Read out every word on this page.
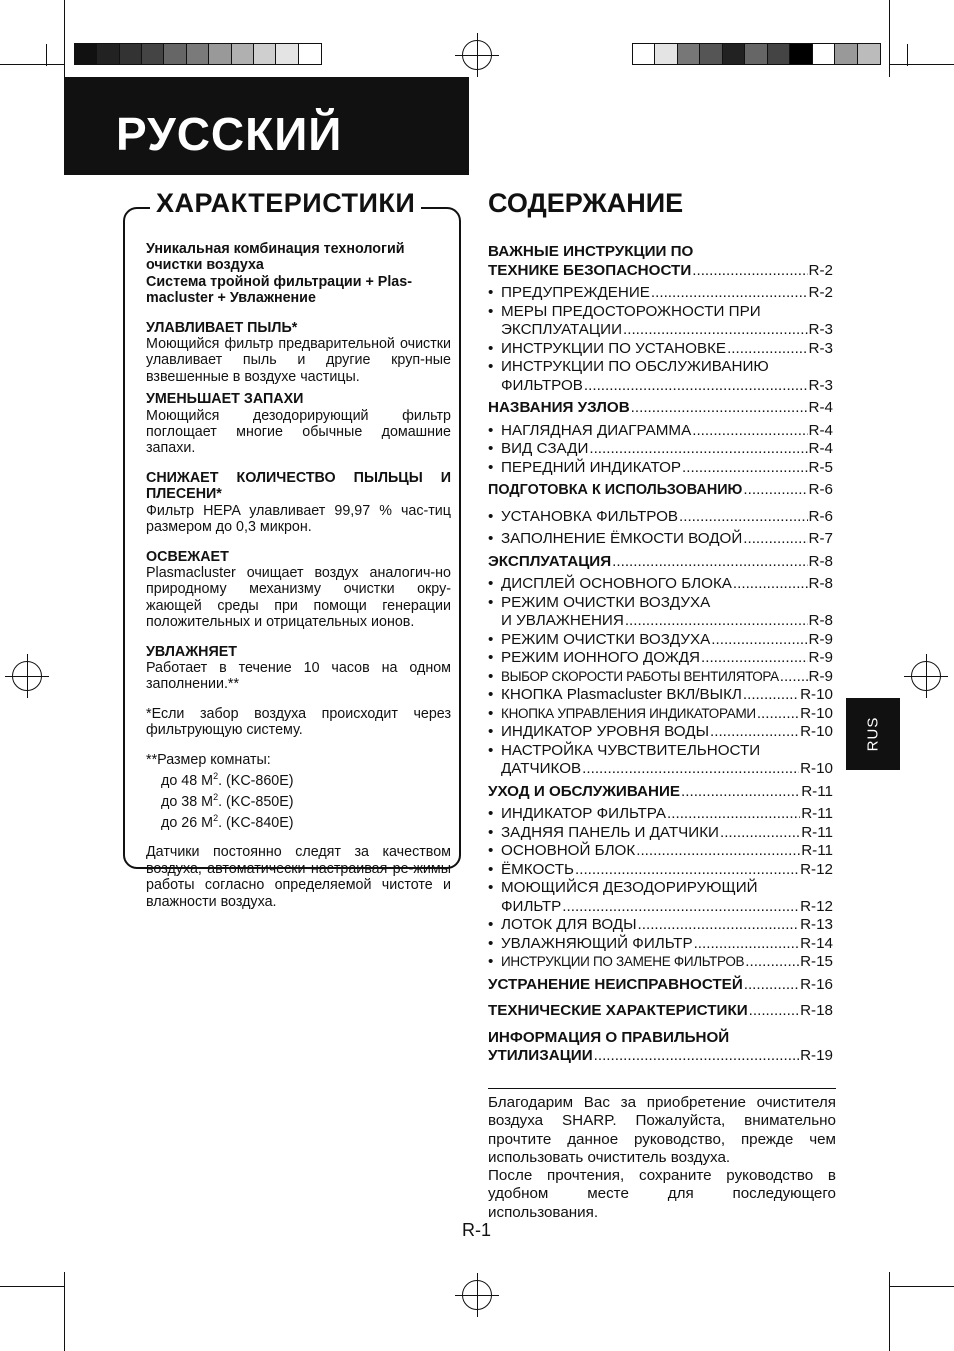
РУССКИЙ
ХАРАКТЕРИСТИКИ

Уникальная комбинация технологий

очистки воздуха

Система тройной фильтрации + Plas-

macluster + Увлажнение

УЛАВЛИВАЕТ ПЫЛЬ*

Моющийся фильтр предварительной очистки улавливает пыль и другие круп-ные взвешенные в воздухе частицы.

УМЕНЬШАЕТ ЗАПАХИ

Моющийся дезодорирующий фильтр поглощает многие обычные домашние запахи.

СНИЖАЕТ КОЛИЧЕСТВО ПЫЛЬЦЫ И ПЛЕСЕНИ*

Фильтр HEPA улавливает 99,97 % час-тиц размером до 0,3 микрон.

ОСВЕЖАЕТ

Plasmacluster очищает воздух аналогич-но природному механизму очистки окру-жающей среды при помощи генерации положительных и отрицательных ионов.

УВЛАЖНЯЕТ

Работает в течение 10 часов на одном заполнении.**

*Если забор воздуха происходит через фильтрующую систему.

**Размер комнаты:

до 48 $М^2$. (KC-860E)

до 38 $М^2$. (KC-850E)

до 26 $М^2$. (KC-840E)

Датчики постоянно следят за качеством воздуха, автоматически настраивая ре-жимы работы согласно определяемой чистоте и влажности воздуха.

СОДЕРЖАНИЕ
ВАЖНЫЕ ИНСТРУКЦИИ ПО
ТЕХНИКЕ БЕЗОПАСНОСТИ .....	R-2
• ПРЕДУПРЕЖДЕНИЕ .....	R-2
• МЕРЫ ПРЕДОСТОРОЖНОСТИ ПРИ
ЭКСПЛУАТАЦИИ .....	R-3
• ИНСТРУКЦИИ ПО УСТАНОВКЕ .....	R-3
• ИНСТРУКЦИИ ПО ОБСЛУЖИВАНИЮ
ФИЛЬТРОВ .....	R-3
НАЗВАНИЯ УЗЛОВ .....	R-4
• НАГЛЯДНАЯ ДИАГРАММА .....	R-4
• ВИД СЗАДИ .....	R-4
• ПЕРЕДНИЙ ИНДИКАТОР .....	R-5
ПОДГОТОВКА К ИСПОЛЬЗОВАНИЮ .....	R-6
• УСТАНОВКА ФИЛЬТРОВ .....	R-6
• ЗАПОЛНЕНИЕ ЁМКОСТИ ВОДОЙ .....	R-7
ЭКСПЛУАТАЦИЯ .....	R-8
• ДИСПЛЕЙ ОСНОВНОГО БЛОКА .....	R-8
• РЕЖИМ ОЧИСТКИ ВОЗДУХА
И УВЛАЖНЕНИЯ .....	R-8
• РЕЖИМ ОЧИСТКИ ВОЗДУХА .....	R-9
• РЕЖИМ ИОННОГО ДОЖДЯ .....	R-9
• ВЫБОР СКОРОСТИ РАБОТЫ ВЕНТИЛЯТОРА ..... R-9
• КНОПКА Plasmacluster ВКЛ/ВЫКЛ .....	R-10
• КНОПКА УПРАВЛЕНИЯ ИНДИКАТОРАМИ .....	R-10
• ИНДИКАТОР УРОВНЯ ВОДЫ .....	R-10
• НАСТРОЙКА ЧУВСТВИТЕЛЬНОСТИ
ДАТЧИКОВ .....	R-10
УХОД И ОБСЛУЖИВАНИЕ .....	R-11
• ИНДИКАТОР ФИЛЬТРА .....	R-11
• ЗАДНЯЯ ПАНЕЛЬ И ДАТЧИКИ .....	R-11
• ОСНОВНОЙ БЛОК .....	R-11
• ЁМКОСТЬ .....	R-12
• МОЮЩИЙСЯ ДЕЗОДОРИРУЮЩИЙ
ФИЛЬТР .....	R-12
• ЛОТОК ДЛЯ ВОДЫ .....	R-13
• УВЛАЖНЯЮЩИЙ ФИЛЬТР .....	R-14
• ИНСТРУКЦИИ ПО ЗАМЕНЕ ФИЛЬТРОВ .....	R-15
УСТРАНЕНИЕ НЕИСПРАВНОСТЕЙ .....	R-16
ТЕХНИЧЕСКИЕ ХАРАКТЕРИСТИКИ .....	R-18
ИНФОРМАЦИЯ О ПРАВИЛЬНОЙ
УТИЛИЗАЦИИ .....	R-19

Благодарим Вас за приобретение очистителя воздуха SHARP. Пожалуйста, внимательно прочтите данное руководство, прежде чем использовать очиститель воздуха.

После прочтения, сохраните руководство в удобном месте для последующего использования.

R-1
RUS
